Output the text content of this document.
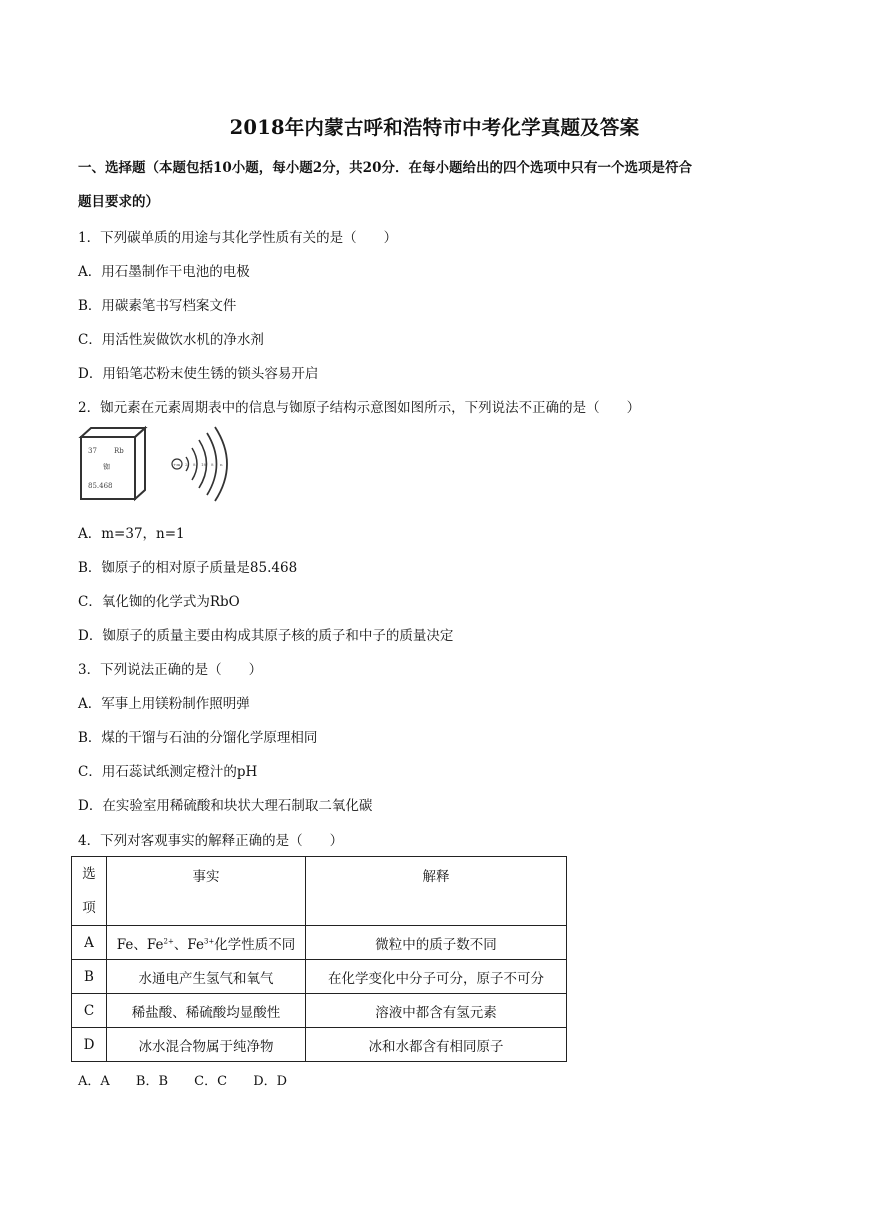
2018年内蒙古呼和浩特市中考化学真题及答案
一、选择题（本题包括10小题，每小题2分，共20分．在每小题给出的四个选项中只有一个选项是符合
题目要求的）
1．下列碳单质的用途与其化学性质有关的是（　　）
A．用石墨制作干电池的电极
B．用碳素笔书写档案文件
C．用活性炭做饮水机的净水剂
D．用铅笔芯粉末使生锈的锁头容易开启
2．铷元素在元素周期表中的信息与铷原子结构示意图如图所示，下列说法不正确的是（　　）
37 Rb
铷
85.468
+m 2 8 18 8 n
A．m=37，n=1
B．铷原子的相对原子质量是85.468
C．氧化铷的化学式为RbO
D．铷原子的质量主要由构成其原子核的质子和中子的质量决定
3．下列说法正确的是（　　）
A．军事上用镁粉制作照明弹
B．煤的干馏与石油的分馏化学原理相同
C．用石蕊试纸测定橙汁的pH
D．在实验室用稀硫酸和块状大理石制取二氧化碳
4．下列对客观事实的解释正确的是（　　）
选
项	事实	解释
A	Fe、$Fe^{2+}$、$Fe^{3+}$化学性质不同	微粒中的质子数不同
B	水通电产生氢气和氧气	在化学变化中分子可分，原子不可分
C	稀盐酸、稀硫酸均显酸性	溶液中都含有氢元素
D	冰水混合物属于纯净物	冰和水都含有相同原子
A．A B．B C．C D．D
